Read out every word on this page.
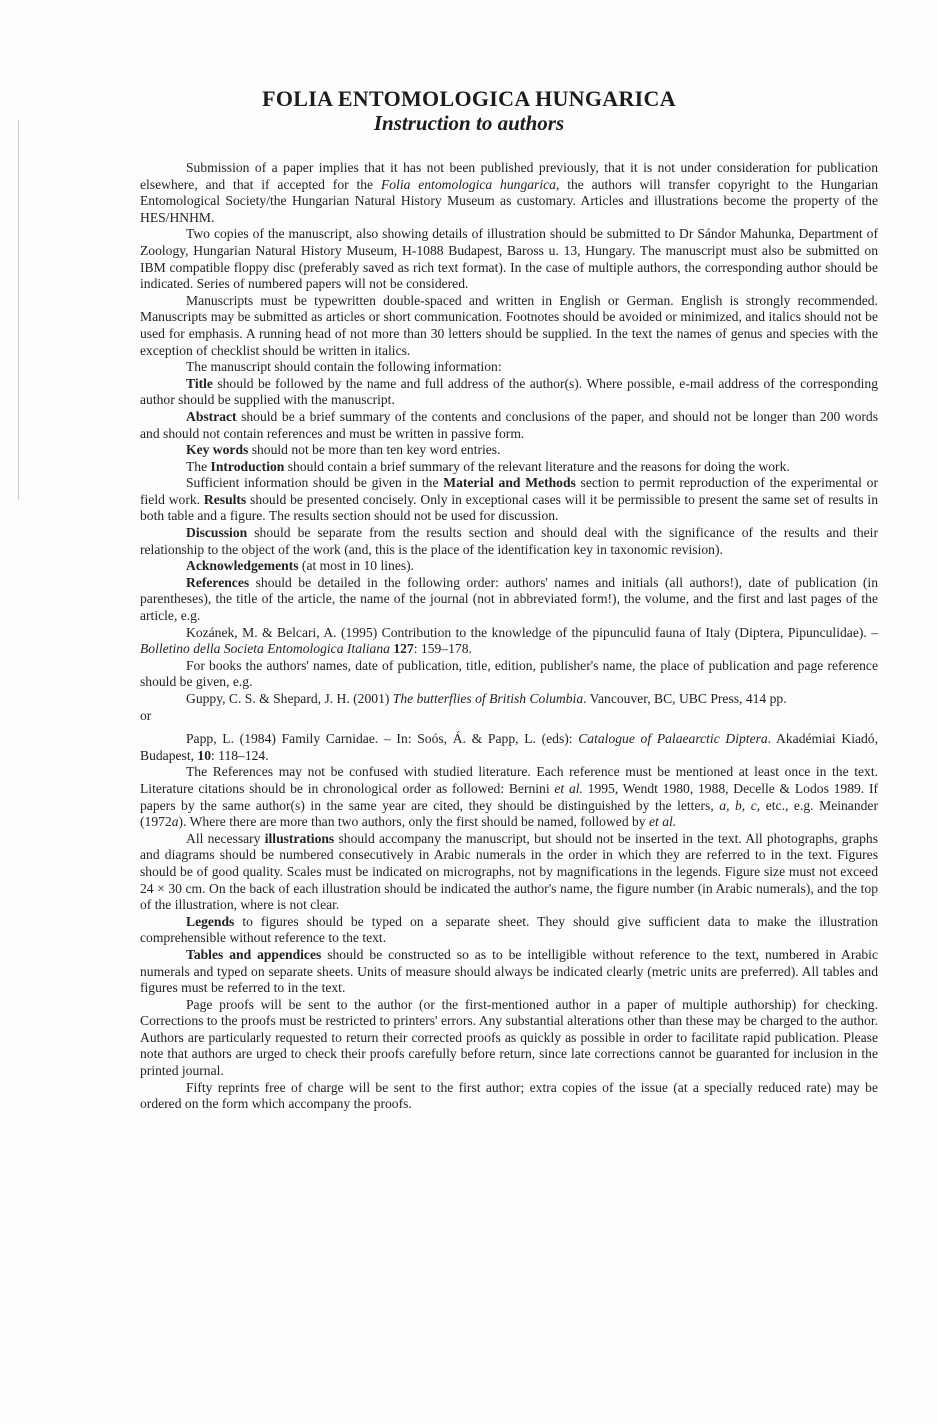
FOLIA ENTOMOLOGICA HUNGARICA
Instruction to authors

Submission of a paper implies that it has not been published previously, that it is not under consideration for publication elsewhere, and that if accepted for the Folia entomologica hungarica, the authors will transfer copyright to the Hungarian Entomological Society/the Hungarian Natural History Museum as customary. Articles and illustrations become the property of the HES/HNHM.

Two copies of the manuscript, also showing details of illustration should be submitted to Dr Sándor Mahunka, Department of Zoology, Hungarian Natural History Museum, H-1088 Budapest, Baross u. 13, Hungary. The manuscript must also be submitted on IBM compatible floppy disc (preferably saved as rich text format). In the case of multiple authors, the corresponding author should be indicated. Series of numbered papers will not be considered.

Manuscripts must be typewritten double-spaced and written in English or German. English is strongly recommended. Manuscripts may be submitted as articles or short communication. Footnotes should be avoided or minimized, and italics should not be used for emphasis. A running head of not more than 30 letters should be supplied. In the text the names of genus and species with the exception of checklist should be written in italics.

The manuscript should contain the following information:

Title should be followed by the name and full address of the author(s). Where possible, e-mail address of the corresponding author should be supplied with the manuscript.

Abstract should be a brief summary of the contents and conclusions of the paper, and should not be longer than 200 words and should not contain references and must be written in passive form.

Key words should not be more than ten key word entries.

The Introduction should contain a brief summary of the relevant literature and the reasons for doing the work.

Sufficient information should be given in the Material and Methods section to permit reproduction of the experimental or field work. Results should be presented concisely. Only in exceptional cases will it be permissible to present the same set of results in both table and a figure. The results section should not be used for discussion.

Discussion should be separate from the results section and should deal with the significance of the results and their relationship to the object of the work (and, this is the place of the identification key in taxonomic revision).

Acknowledgements (at most in 10 lines).

References should be detailed in the following order: authors' names and initials (all authors!), date of publication (in parentheses), the title of the article, the name of the journal (not in abbreviated form!), the volume, and the first and last pages of the article, e.g.

Kozánek, M. & Belcari, A. (1995) Contribution to the knowledge of the pipunculid fauna of Italy (Diptera, Pipunculidae). – Bolletino della Societa Entomologica Italiana 127: 159–178.

For books the authors' names, date of publication, title, edition, publisher's name, the place of publication and page reference should be given, e.g.

Guppy, C. S. & Shepard, J. H. (2001) The butterflies of British Columbia. Vancouver, BC, UBC Press, 414 pp.

or

Papp, L. (1984) Family Carnidae. – In: Soós, Á. & Papp, L. (eds): Catalogue of Palaearctic Diptera. Akadémiai Kiadó, Budapest, 10: 118–124.

The References may not be confused with studied literature. Each reference must be mentioned at least once in the text. Literature citations should be in chronological order as followed: Bernini et al. 1995, Wendt 1980, 1988, Decelle & Lodos 1989. If papers by the same author(s) in the same year are cited, they should be distinguished by the letters, a, b, c, etc., e.g. Meinander (1972a). Where there are more than two authors, only the first should be named, followed by et al.

All necessary illustrations should accompany the manuscript, but should not be inserted in the text. All photographs, graphs and diagrams should be numbered consecutively in Arabic numerals in the order in which they are referred to in the text. Figures should be of good quality. Scales must be indicated on micrographs, not by magnifications in the legends. Figure size must not exceed 24 × 30 cm. On the back of each illustration should be indicated the author's name, the figure number (in Arabic numerals), and the top of the illustration, where is not clear.

Legends to figures should be typed on a separate sheet. They should give sufficient data to make the illustration comprehensible without reference to the text.

Tables and appendices should be constructed so as to be intelligible without reference to the text, numbered in Arabic numerals and typed on separate sheets. Units of measure should always be indicated clearly (metric units are preferred). All tables and figures must be referred to in the text.

Page proofs will be sent to the author (or the first-mentioned author in a paper of multiple authorship) for checking. Corrections to the proofs must be restricted to printers' errors. Any substantial alterations other than these may be charged to the author. Authors are particularly requested to return their corrected proofs as quickly as possible in order to facilitate rapid publication. Please note that authors are urged to check their proofs carefully before return, since late corrections cannot be guaranted for inclusion in the printed journal.

Fifty reprints free of charge will be sent to the first author; extra copies of the issue (at a specially reduced rate) may be ordered on the form which accompany the proofs.
